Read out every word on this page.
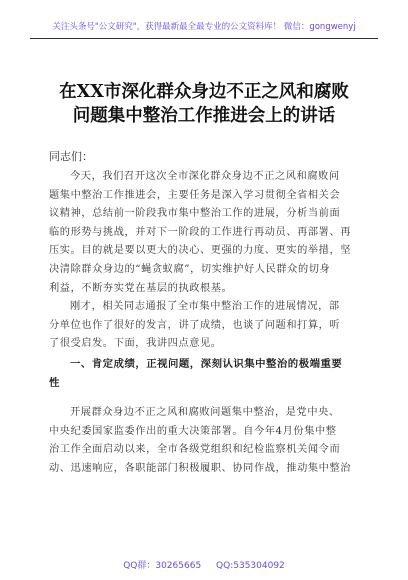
关注头条号"公文研究"，获得最新最全最专业的公文资料库！ 微信：gongwenyj
在XX市深化群众身边不正之风和腐败
问题集中整治工作推进会上的讲话
同志们：
今天，我们召开这次全市深化群众身边不正之风和腐败问
题集中整治工作推进会，主要任务是深入学习贯彻全省相关会
议精神，总结前一阶段我市集中整治工作的进展，分析当前面
临的形势与挑战，并对下一阶段的工作进行再动员、再部署、再
压实。目的就是要以更大的决心、更强的力度、更实的举措，坚
决清除群众身边的“蝇贪蚁腐”，切实维护好人民群众的切身
利益，不断夯实党在基层的执政根基。
刚才，相关同志通报了全市集中整治工作的进展情况，部
分单位也作了很好的发言，讲了成绩，也谈了问题和打算，听
了很受启发。下面，我讲四点意见。
一、肯定成绩，正视问题，深刻认识集中整治的极端重要
性
开展群众身边不正之风和腐败问题集中整治，是党中央、
中央纪委国家监委作出的重大决策部署。自今年4月份集中整
治工作全面启动以来，全市各级党组织和纪检监察机关闻令而
动、迅速响应，各职能部门积极履职、协同作战，推动集中整治
QQ群：30265665 QQ:535304092
